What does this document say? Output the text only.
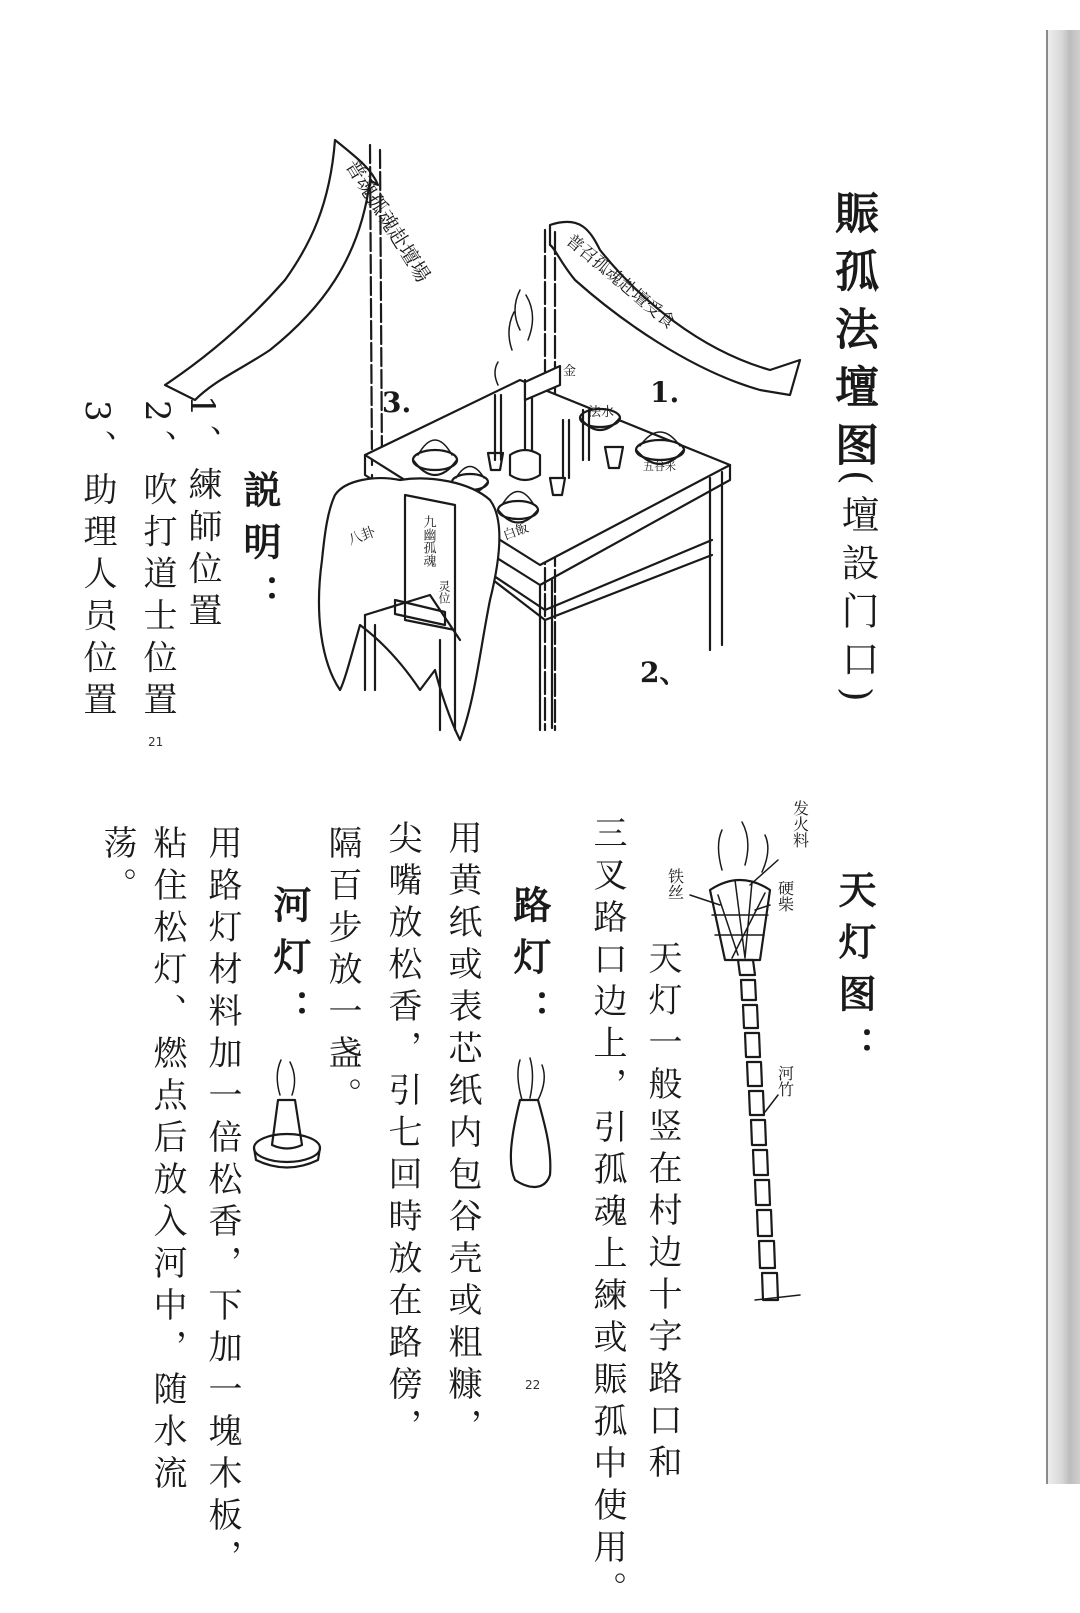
賑孤法壇图
(壇設门口)
説明：
1、練師位置
2、吹打道士位置
3、助理人员位置
普魂孤魂赴壇場	普召孤魂赴壇受食
白飯
法水
五谷米
金
八卦	九幽孤魂
灵位
1.
2、
3.
21
天灯图：
天灯一般竖在村边十字路口和
三叉路口边上，引孤魂上練或賑孤中使用。
路灯：
用黄纸或表芯纸内包谷壳或粗糠，
尖嘴放松香，引七回時放在路傍，
隔百步放一盏。
河灯：
用路灯材料加一倍松香，下加一塊木板，
粘住松灯、燃点后放入河中，随水流
荡。
发火料
硬柴
铁丝
河竹
22
